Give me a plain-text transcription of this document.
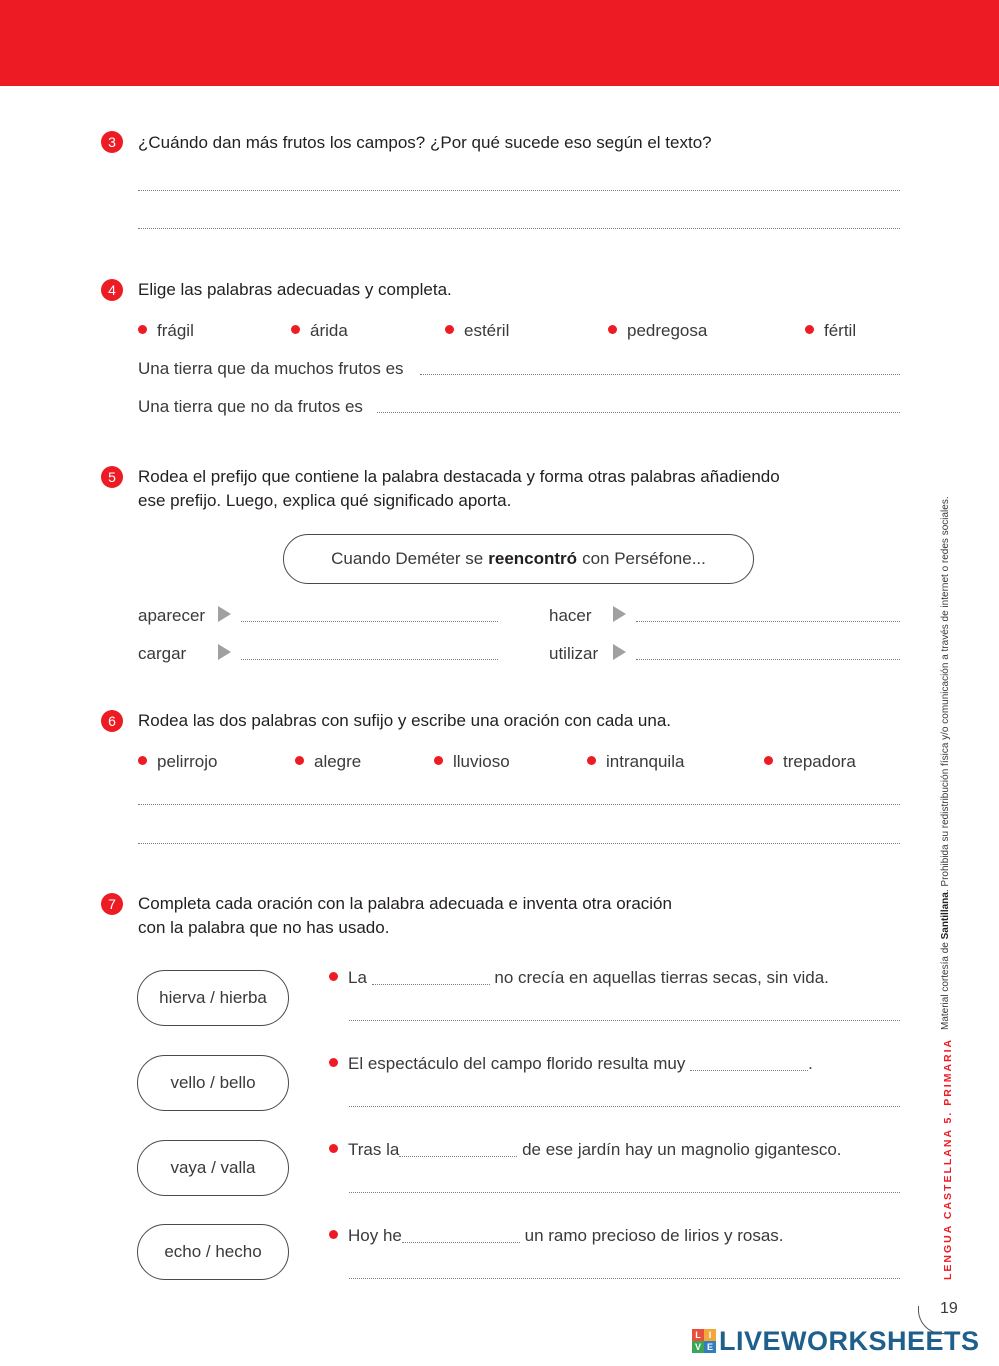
3	¿Cuándo dan más frutos los campos? ¿Por qué sucede eso según el texto?
4	Elige las palabras adecuadas y completa.
frágil	árida	estéril	pedregosa	fértil
Una tierra que da muchos frutos es
Una tierra que no da frutos es
5	Rodea el prefijo que contiene la palabra destacada y forma otras palabras añadiendo
ese prefijo. Luego, explica qué significado aporta.
Cuando Deméter se reencontró con Perséfone...
aparecer	hacer
cargar	utilizar
6	Rodea las dos palabras con sufijo y escribe una oración con cada una.
pelirrojo	alegre	lluvioso	intranquila	trepadora
7	Completa cada oración con la palabra adecuada e inventa otra oración
con la palabra que no has usado.
hierva / hierba
La	no crecía en aquellas tierras secas, sin vida.
vello / bello
El espectáculo del campo florido resulta muy	.
vaya / valla
Tras la	de ese jardín hay un magnolio gigantesco.
echo / hecho
Hoy he	un ramo precioso de lirios y rosas.
Material cortesía de Santillana. Prohibida su redistribución física y/o comunicación a través de internet o redes sociales.
LENGUA CASTELLANA 5. PRIMARIA
19
L I
V E LIVEWORKSHEETS
